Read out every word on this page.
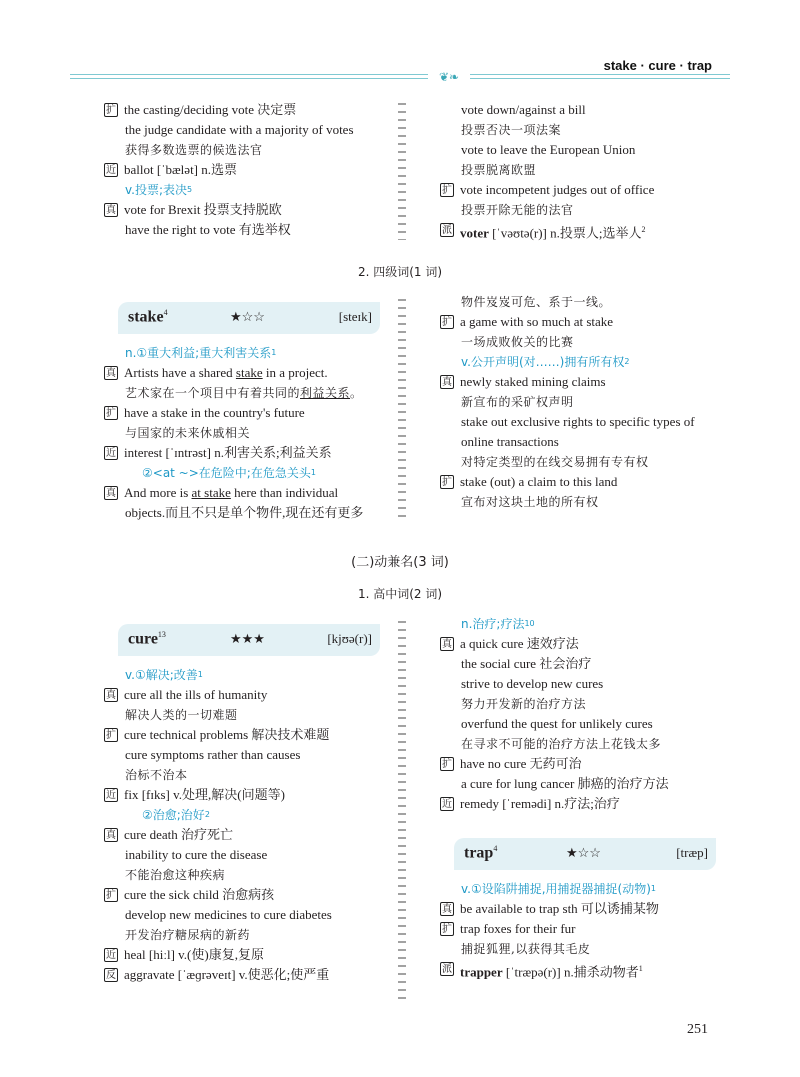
stake · cure · trap
❦❧
扩 the casting/deciding vote 决定票
the judge candidate with a majority of votes
获得多数选票的候选法官
近 ballot [ˈbælət] n.选票
v.投票;表决 5
真 vote for Brexit 投票支持脱欧
have the right to vote 有选举权
vote down/against a bill
投票否决一项法案
vote to leave the European Union
投票脱离欧盟
扩 vote incompetent judges out of office
投票开除无能的法官
派 voter [ˈvəʊtə(r)] n.投票人;选举人$^2$
2. 四级词(1 词)
stake$^4$	★☆☆	[steɪk]
n.①重大利益;重大利害关系 1
真 Artists have a shared stake in a project.
艺术家在一个项目中有着共同的 利益关系 。
扩 have a stake in the country's future
与国家的未来休戚相关
近 interest [ˈɪntrəst] n.利害关系;利益关系
②<at ~>在危险中;在危急关头 1
真 And more is at stake here than individual
objects.而且不只是单个物件,现在还有更多
物件岌岌可危、系于一线。
扩 a game with so much at stake
一场成败攸关的比赛
v.公开声明(对……)拥有所有权 2
真 newly staked mining claims
新宣布的采矿权声明
stake out exclusive rights to specific types of
online transactions
对特定类型的在线交易拥有专有权
扩 stake (out) a claim to this land
宣布对这块土地的所有权
(二)动兼名(3 词)
1. 高中词(2 词)
cure$^{13}$	★★★	[kjʊə(r)]
v.①解决;改善 1
真 cure all the ills of humanity
解决人类的一切难题
扩 cure technical problems 解决技术难题
cure symptoms rather than causes
治标不治本
近 fix [fɪks] v.处理,解决(问题等)
②治愈;治好 2
真 cure death 治疗死亡
inability to cure the disease
不能治愈这种疾病
扩 cure the sick child 治愈病孩
develop new medicines to cure diabetes
开发治疗糖尿病的新药
近 heal [hiːl] v.(使)康复,复原
反 aggravate [ˈæɡrəveɪt] v.使恶化;使严重
n.治疗;疗法 10
真 a quick cure 速效疗法
the social cure 社会治疗
strive to develop new cures
努力开发新的治疗方法
overfund the quest for unlikely cures
在寻求不可能的治疗方法上花钱太多
扩 have no cure 无药可治
a cure for lung cancer 肺癌的治疗方法
近 remedy [ˈremədi] n.疗法;治疗
trap$^4$	★☆☆	[træp]
v.①设陷阱捕捉,用捕捉器捕捉(动物) 1
真 be available to trap sth 可以诱捕某物
扩 trap foxes for their fur
捕捉狐狸,以获得其毛皮
派 trapper [ˈtræpə(r)] n.捕杀动物者$^1$
251
